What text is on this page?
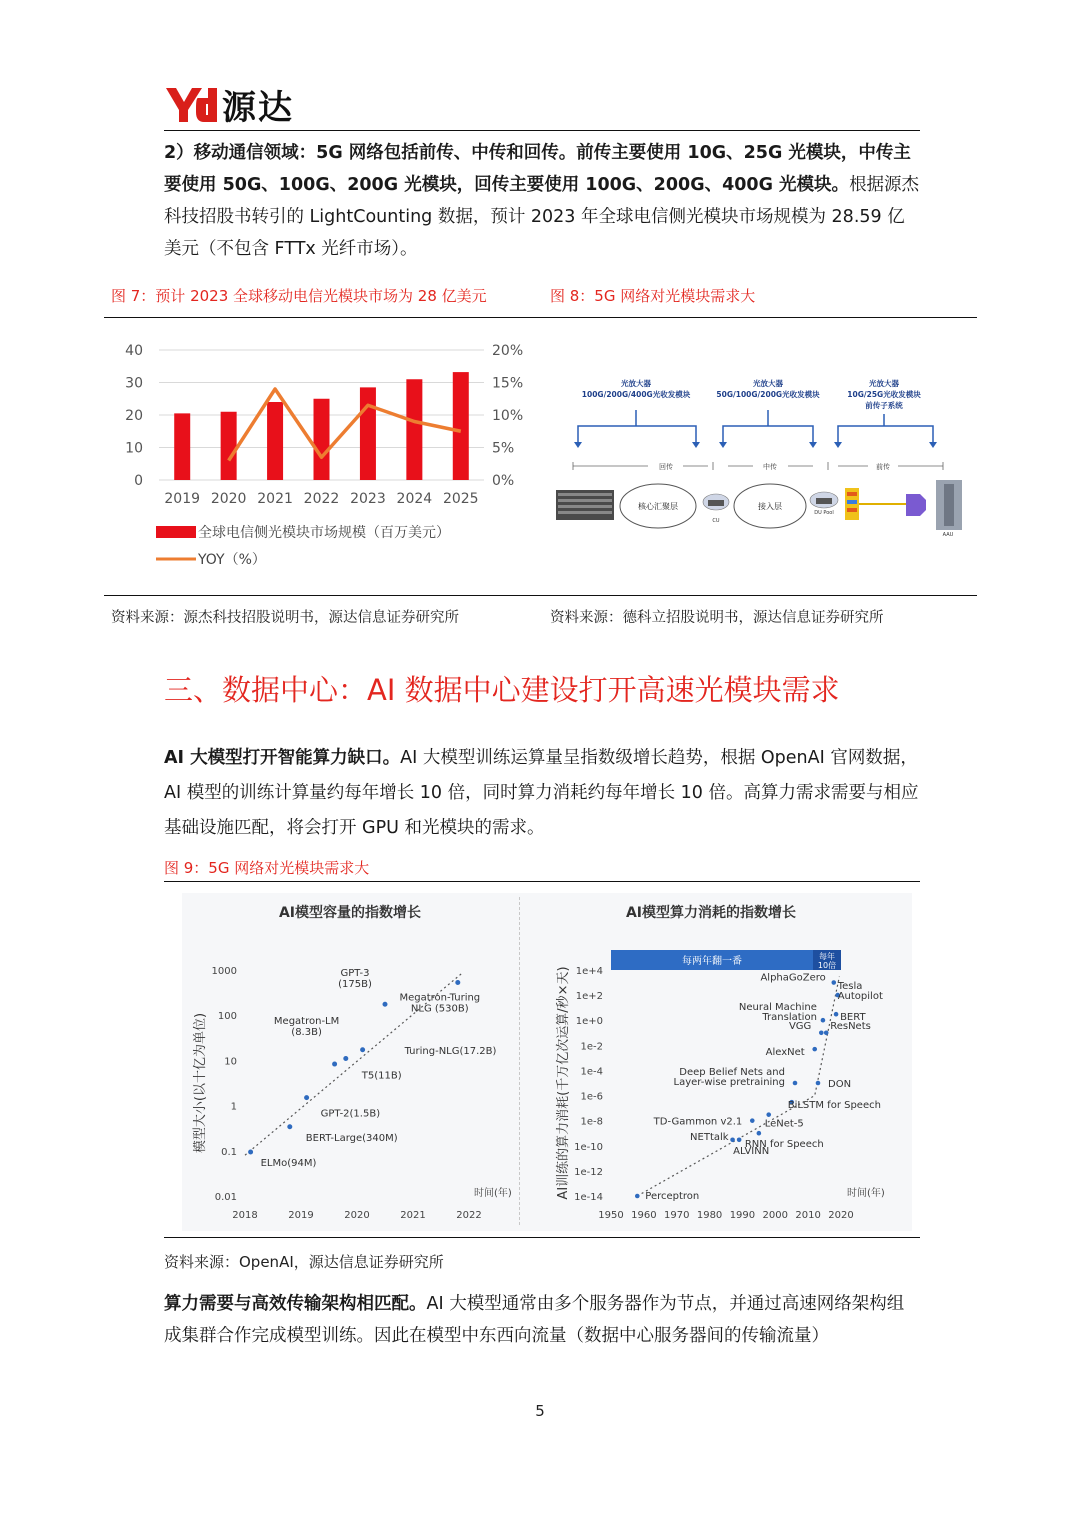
源达
2）移动通信领域：5G 网络包括前传、中传和回传。前传主要使用 10G、25G 光模块，中传主要使用 50G、100G、200G 光模块，回传主要使用 100G、200G、400G 光模块。根据源杰科技招股书转引的 LightCounting 数据，预计 2023 年全球电信侧光模块市场规模为 28.59 亿美元（不包含 FTTx 光纤市场）。
图 7：预计 2023 全球移动电信光模块市场为 28 亿美元	图 8：5G 网络对光模块需求大
0
10
20
30
40
0%
5%
10%
15%
20%
2019 2020 2021 2022 2023 2024 2025
全球电信侧光模块市场规模（百万美元）
YOY（%）
光放大器
100G/200G/400G光收发模块
光放大器
50G/100G/200G光收发模块
光放大器
10G/25G光收发模块
前传子系统
回传	中传	前传
核心汇聚层
CU
接入层
DU Pool
AAU
资料来源：源杰科技招股说明书，源达信息证券研究所	资料来源：德科立招股说明书，源达信息证券研究所
三、数据中心：AI 数据中心建设打开高速光模块需求
AI 大模型打开智能算力缺口。AI 大模型训练运算量呈指数级增长趋势，根据 OpenAI 官网数据，AI 模型的训练计算量约每年增长 10 倍，同时算力消耗约每年增长 10 倍。高算力需求需要与相应基础设施匹配，将会打开 GPU 和光模块的需求。
图 9：5G 网络对光模块需求大
AI模型容量的指数增长
0.01
0.1
1
10
100
1000
2018	2019	2020	2021	2022
时间(年)
模型大小(以十亿为单位)
ELMo(94M)
BERT-Large(340M)
GPT-2(1.5B)
Megatron-LM (8.3B)
T5(11B)
Turing-NLG(17.2B)
GPT-3 (175B)
Megatron-Turing NLG (530B)
AI模型算力消耗的指数增长
每两年翻一番	每年 10倍
1e-14
1e-12
1e-10
1e-8
1e-6
1e-4
1e-2
1e+0
1e+2
1e+4
1950 1960 1970 1980 1990 2000 2010 2020
时间(年)
AI训练的算力消耗(千万亿次运算/秒×天)	Perceptron
ALVINN
NETtalk
RNN for Speech
LeNet-5
TD-Gammon v2.1
BiLSTM for Speech
Deep Belief Nets and Layer-wise pretraining	DON
AlexNet
VGG ResNets
Neural Machine Translation BERT
Tesla Autopilot
AlphaGoZero
资料来源：OpenAI，源达信息证券研究所
算力需要与高效传输架构相匹配。AI 大模型通常由多个服务器作为节点，并通过高速网络架构组成集群合作完成模型训练。因此在模型中东西向流量（数据中心服务器间的传输流量）
5
